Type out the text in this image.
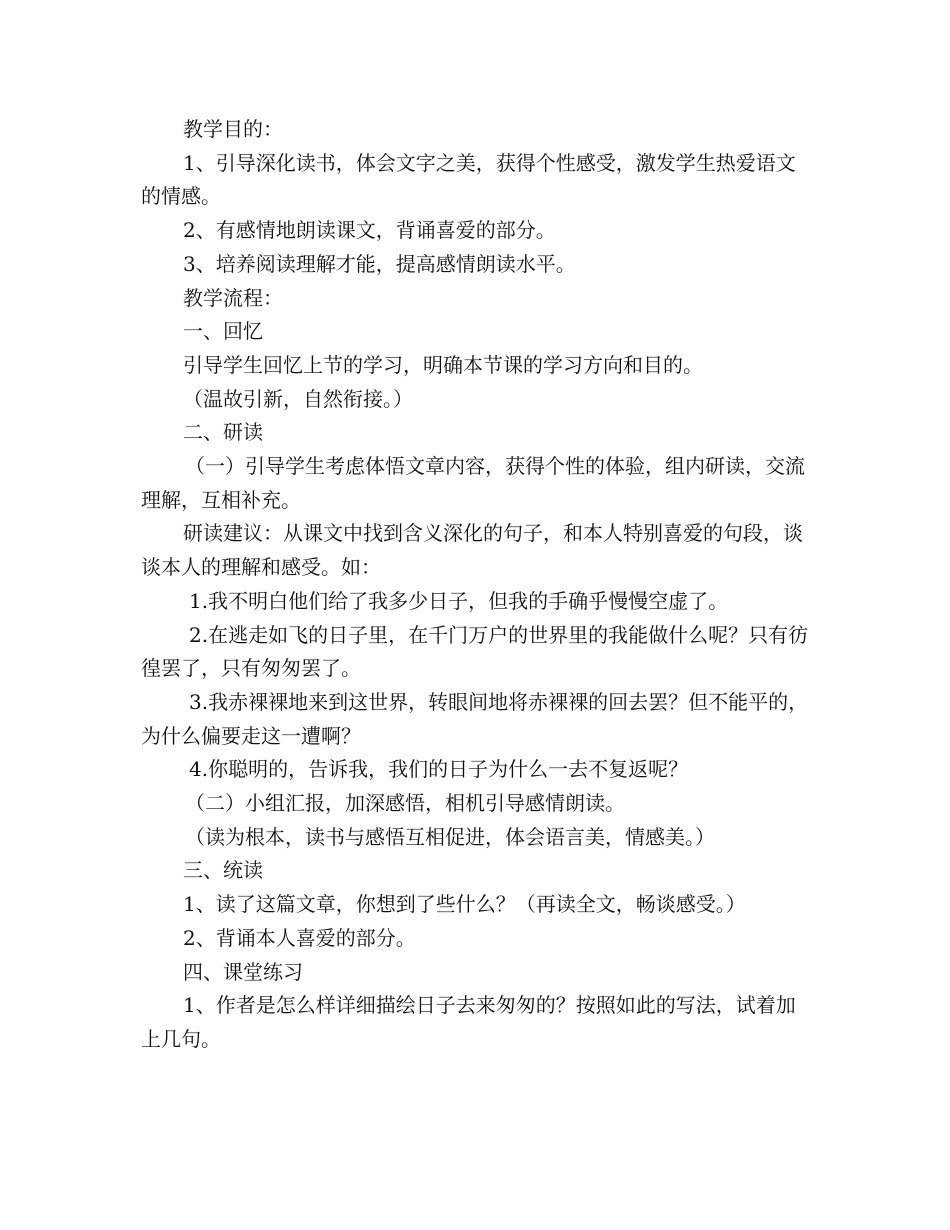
教学目的：

1、引导深化读书，体会文字之美，获得个性感受，激发学生热爱语文的情感。

2、有感情地朗读课文，背诵喜爱的部分。

3、培养阅读理解才能，提高感情朗读水平。

教学流程：

一、回忆

引导学生回忆上节的学习，明确本节课的学习方向和目的。

（温故引新，自然衔接。）

二、研读

（一）引导学生考虑体悟文章内容，获得个性的体验，组内研读，交流理解，互相补充。

研读建议：从课文中找到含义深化的句子，和本人特别喜爱的句段，谈谈本人的理解和感受。如：

1.我不明白他们给了我多少日子，但我的手确乎慢慢空虚了。

2.在逃走如飞的日子里，在千门万户的世界里的我能做什么呢？只有彷徨罢了，只有匆匆罢了。

3.我赤裸裸地来到这世界，转眼间地将赤裸裸的回去罢？但不能平的，为什么偏要走这一遭啊？

4.你聪明的，告诉我，我们的日子为什么一去不复返呢？

（二）小组汇报，加深感悟，相机引导感情朗读。

（读为根本，读书与感悟互相促进，体会语言美，情感美。）

三、统读

1、读了这篇文章，你想到了些什么？（再读全文，畅谈感受。）

2、背诵本人喜爱的部分。

四、课堂练习

1、作者是怎么样详细描绘日子去来匆匆的？按照如此的写法，试着加上几句。
